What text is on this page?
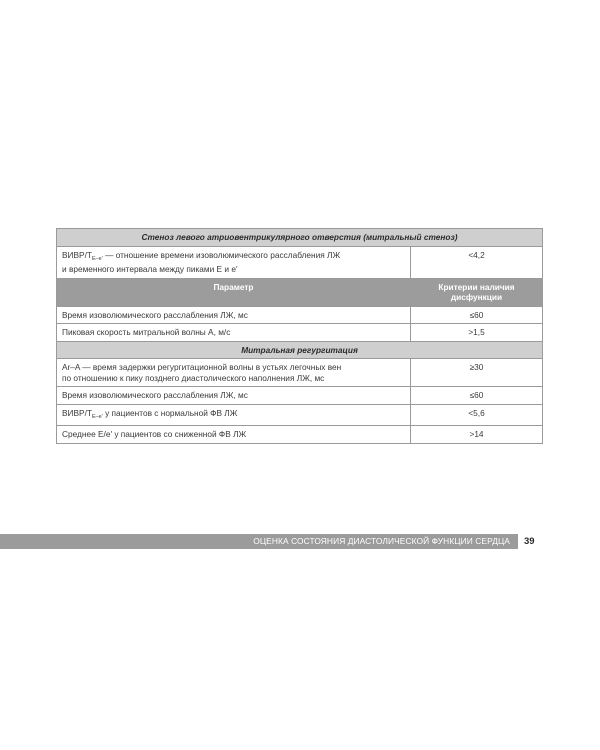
Стеноз левого атриовентрикулярного отверстия (митральный стеноз)	
ВИВР/$T_{E-e'}$ — отношение времени изоволюмического расслабления ЛЖ
и временного интервала между пиками E и e'	<4,2
Параметр	Критерии наличия дисфункции
Время изоволюмического расслабления ЛЖ, мс	≤60
Пиковая скорость митральной волны A, м/с	>1,5
Митральная регургитация	
Ar–A — время задержки регургитационной волны в устьях легочных вен
по отношению к пику позднего диастолического наполнения ЛЖ, мс	≥30
Время изоволюмического расслабления ЛЖ, мс	≤60
ВИВР/$T_{E-e'}$ у пациентов с нормальной ФВ ЛЖ	<5,6
Среднее E/e' у пациентов со сниженной ФВ ЛЖ	>14
ОЦЕНКА СОСТОЯНИЯ ДИАСТОЛИЧЕСКОЙ ФУНКЦИИ СЕРДЦА 39
